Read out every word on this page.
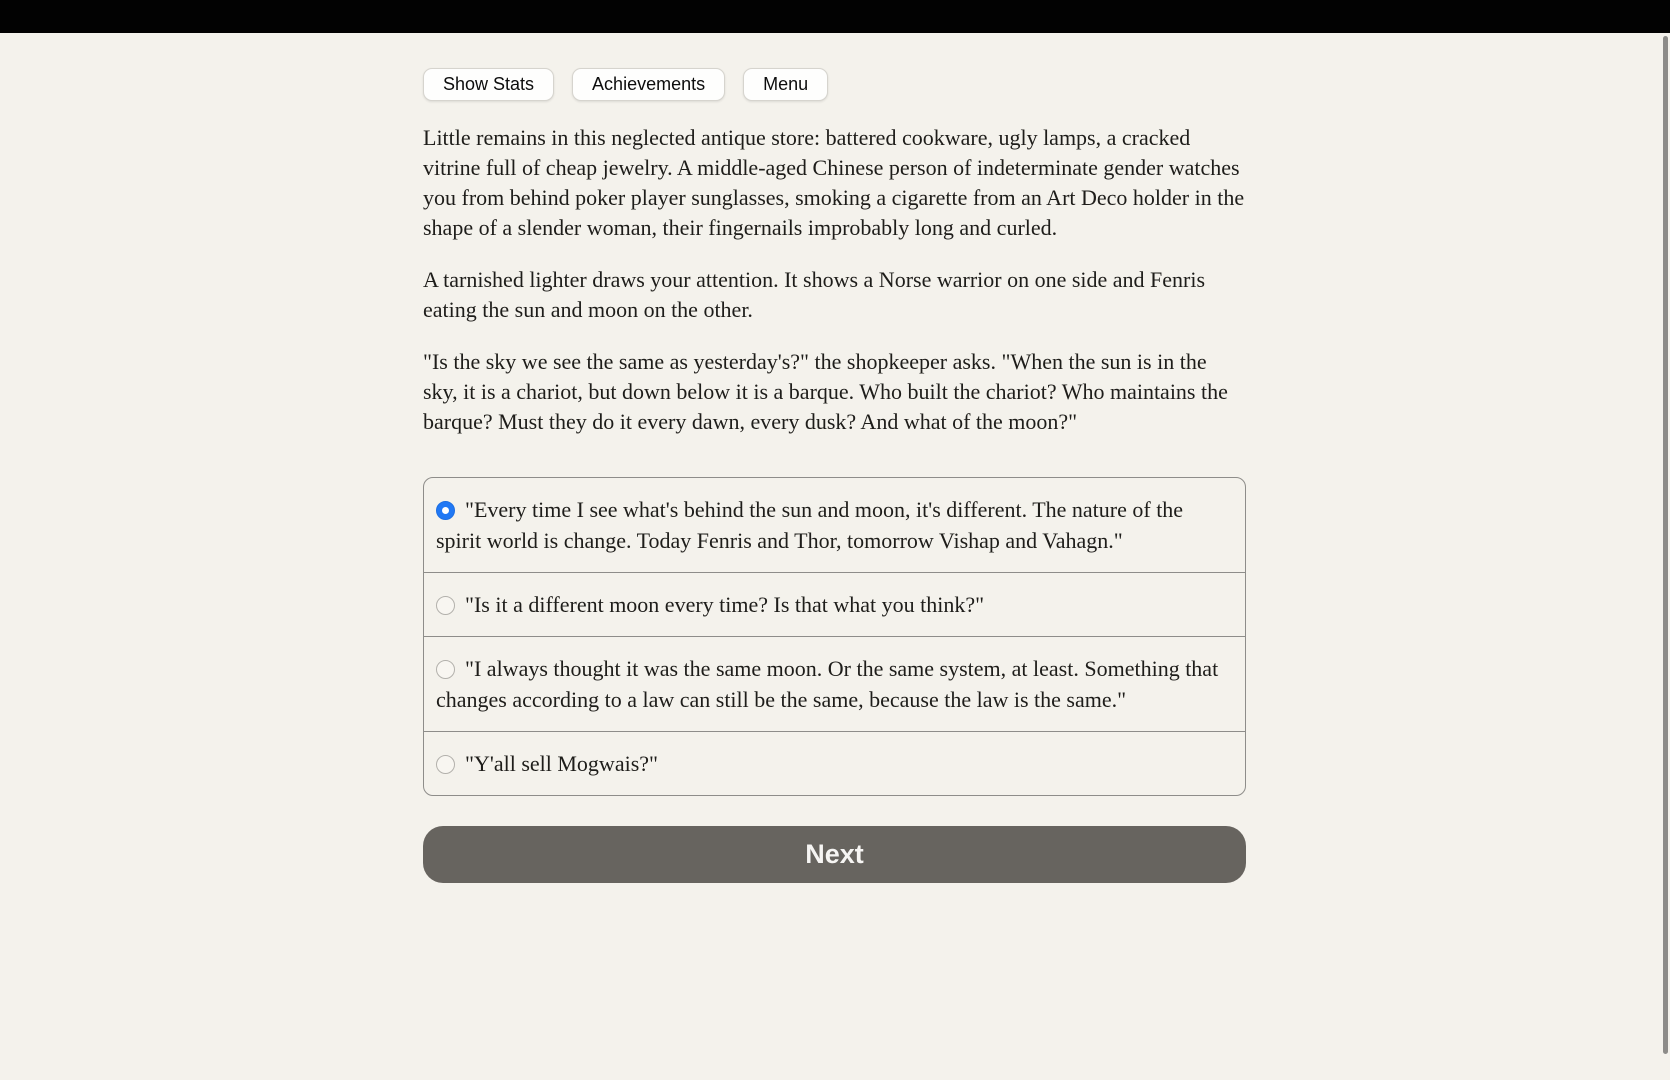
Show Stats	Achievements	Menu

Little remains in this neglected antique store: battered cookware, ugly lamps, a cracked vitrine full of cheap jewelry. A middle-aged Chinese person of indeterminate gender watches you from behind poker player sunglasses, smoking a cigarette from an Art Deco holder in the shape of a slender woman, their fingernails improbably long and curled.

A tarnished lighter draws your attention. It shows a Norse warrior on one side and Fenris eating the sun and moon on the other.

"Is the sky we see the same as yesterday's?" the shopkeeper asks. "When the sun is in the sky, it is a chariot, but down below it is a barque. Who built the chariot? Who maintains the barque? Must they do it every dawn, every dusk? And what of the moon?"

"Every time I see what's behind the sun and moon, it's different. The nature of the spirit world is change. Today Fenris and Thor, tomorrow Vishap and Vahagn."
"Is it a different moon every time? Is that what you think?"
"I always thought it was the same moon. Or the same system, at least. Something that changes according to a law can still be the same, because the law is the same."
"Y'all sell Mogwais?"
Next
